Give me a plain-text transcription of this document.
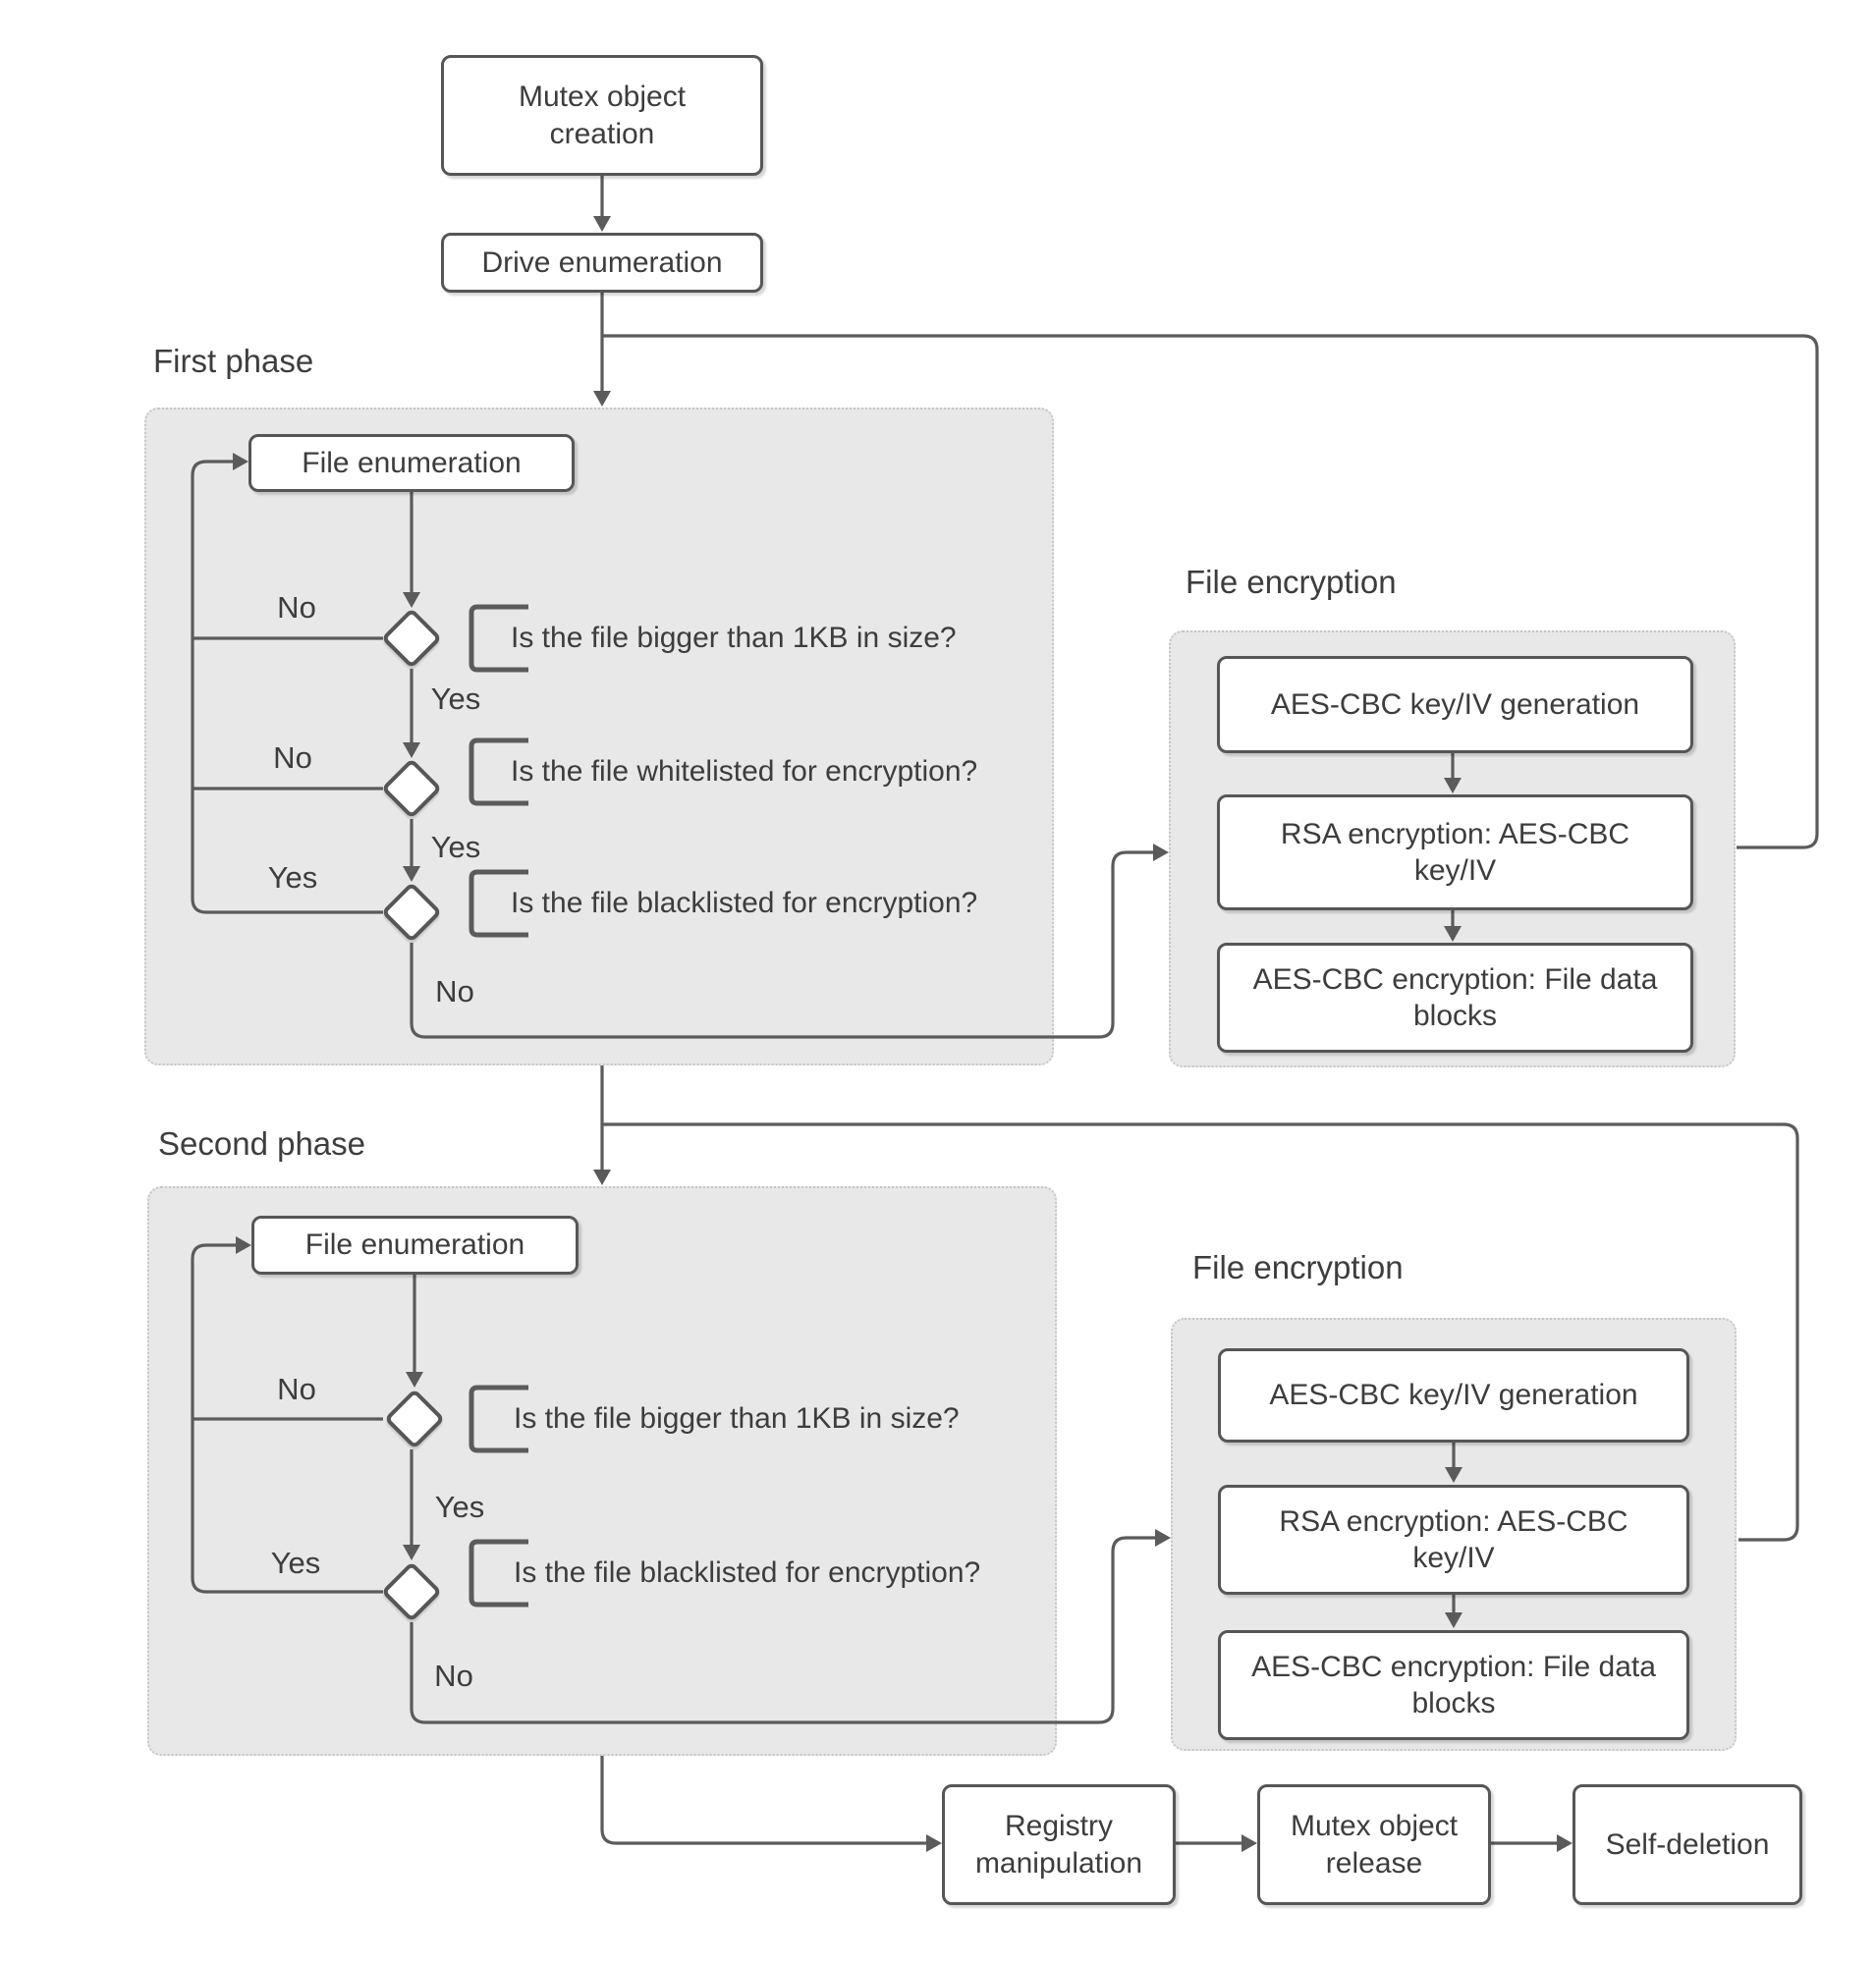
Mutex object creation
Drive enumeration
File enumeration
AES-CBC key/IV generation
RSA encryption: AES-CBC key/IV
AES-CBC encryption: File data blocks
File enumeration
AES-CBC key/IV generation
RSA encryption: AES-CBC key/IV
AES-CBC encryption: File data blocks
Registry manipulation
Mutex object release
Self-deletion
First phase
File encryption
Second phase
File encryption
Is the file bigger than 1KB in size?
Is the file whitelisted for encryption?
Is the file blacklisted for encryption?
Is the file bigger than 1KB in size?
Is the file blacklisted for encryption?
No
Yes
No
Yes
Yes
No
No
Yes
Yes
No
